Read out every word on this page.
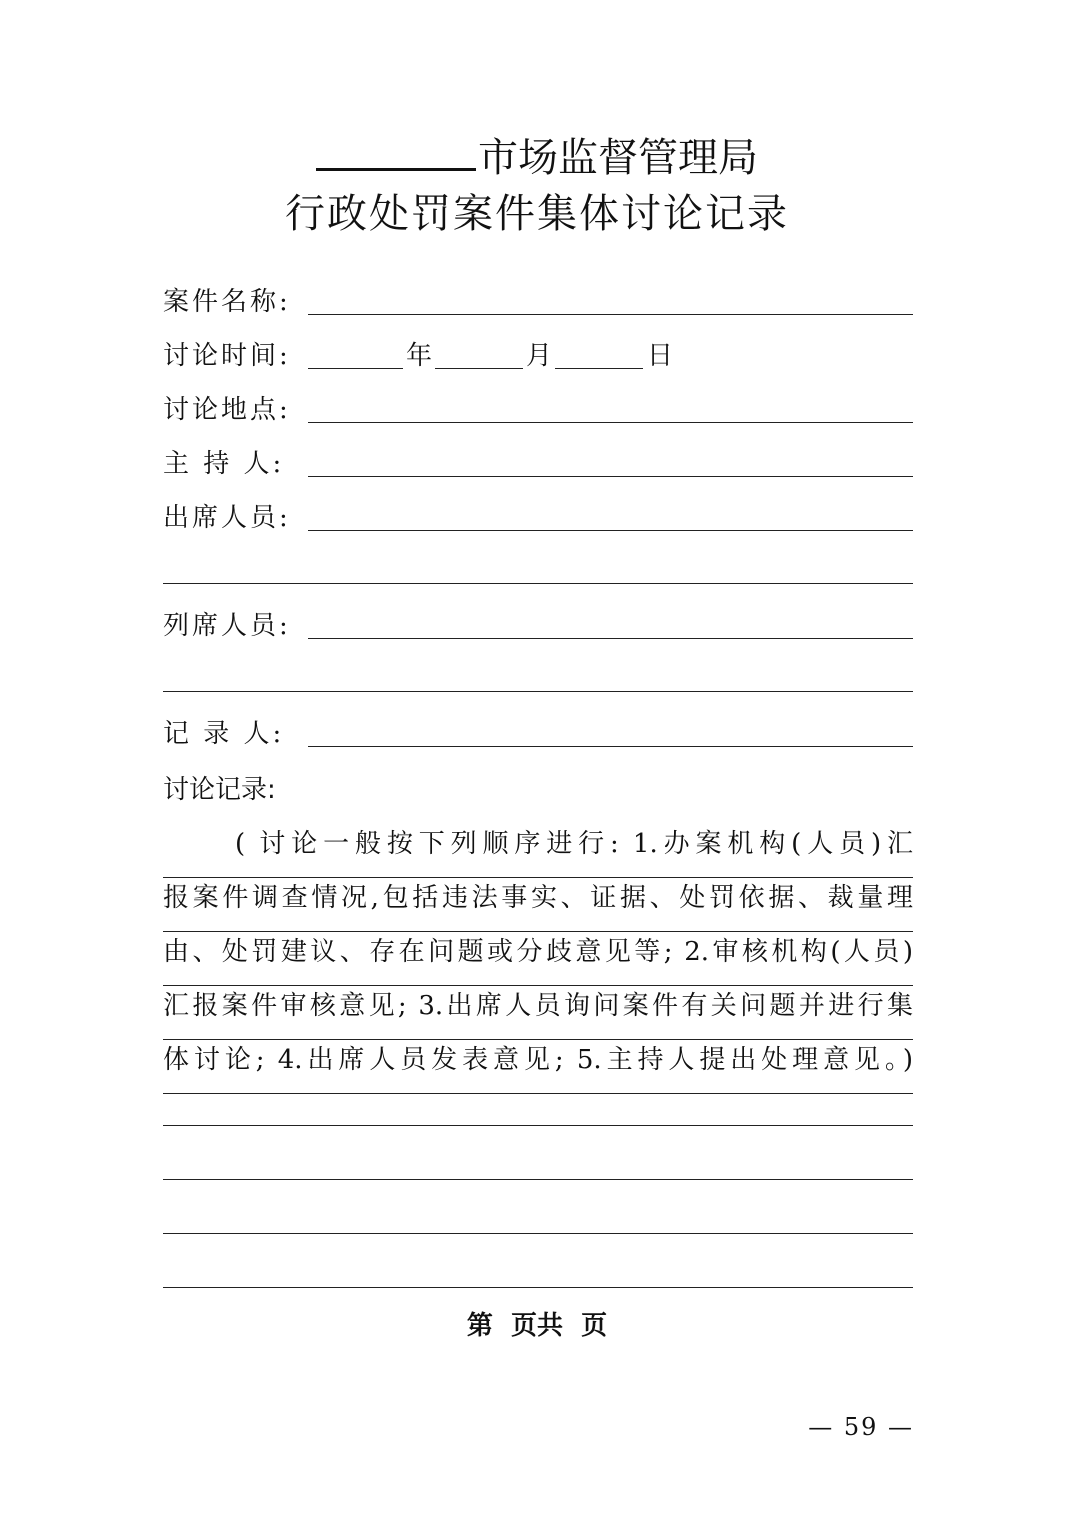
市场监督管理局
行政处罚案件集体讨论记录
案件名称:
讨论时间:	年	月	日
讨论地点:
主 持 人:
出席人员:
列席人员:
记 录 人:
讨论记录:
( 讨论一般按下列顺序进行: 1.办案机构(人员)汇
报案件调查情况,包括违法事实、证据、处罚依据、裁量理
由、处罚建议、存在问题或分歧意见等; 2.审核机构(人员)
汇报案件审核意见; 3.出席人员询问案件有关问题并进行集
体讨论; 4.出席人员发表意见; 5.主持人提出处理意见。)
第  页共  页
— 59 —
